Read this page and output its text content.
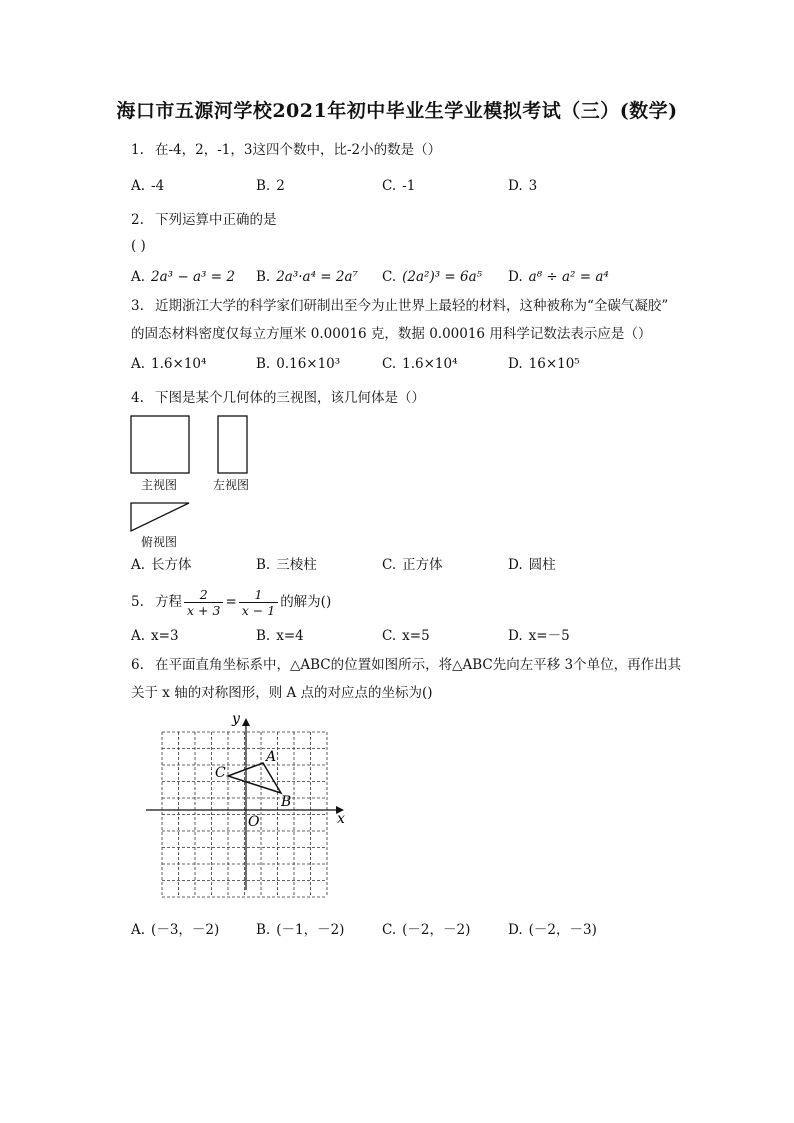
海口市五源河学校2021年初中毕业生学业模拟考试（三）(数学)
1. 在-4，2，-1，3这四个数中，比-2小的数是（）
A. -4	B. 2	C. -1	D. 3
2. 下列运算中正确的是
( )
A. 2a³ − a³ = 2 B. 2a³·a⁴ = 2a⁷ C. (2a²)³ = 6a⁵ D. a⁸ ÷ a² = a⁴
3. 近期浙江大学的科学家们研制出至今为止世界上最轻的材料，这种被称为“全碳气凝胶”
的固态材料密度仅每立方厘米 0.00016 克，数据 0.00016 用科学记数法表示应是（）
A. 1.6×10⁴	B. 0.16×10³	C. 1.6×10⁴	D. 16×10⁵
4. 下图是某个几何体的三视图，该几何体是（）
主视图	左视图
俯视图
A. 长方体	B. 三棱柱	C. 正方体	D. 圆柱
5. 方程 $\frac{2}{x + 3} = \frac{1}{x - 1}$ 的解为()
A. x=3	B. x=4	C. x=5	D. x=－5
6. 在平面直角坐标系中，△ABC的位置如图所示，将△ABC先向左平移 3个单位，再作出其
关于 x 轴的对称图形，则 A 点的对应点的坐标为()
y
x
O
A
B
C
A. (－3，－2)	B. (－1，－2)	C. (－2，－2)	D. (－2，－3)
